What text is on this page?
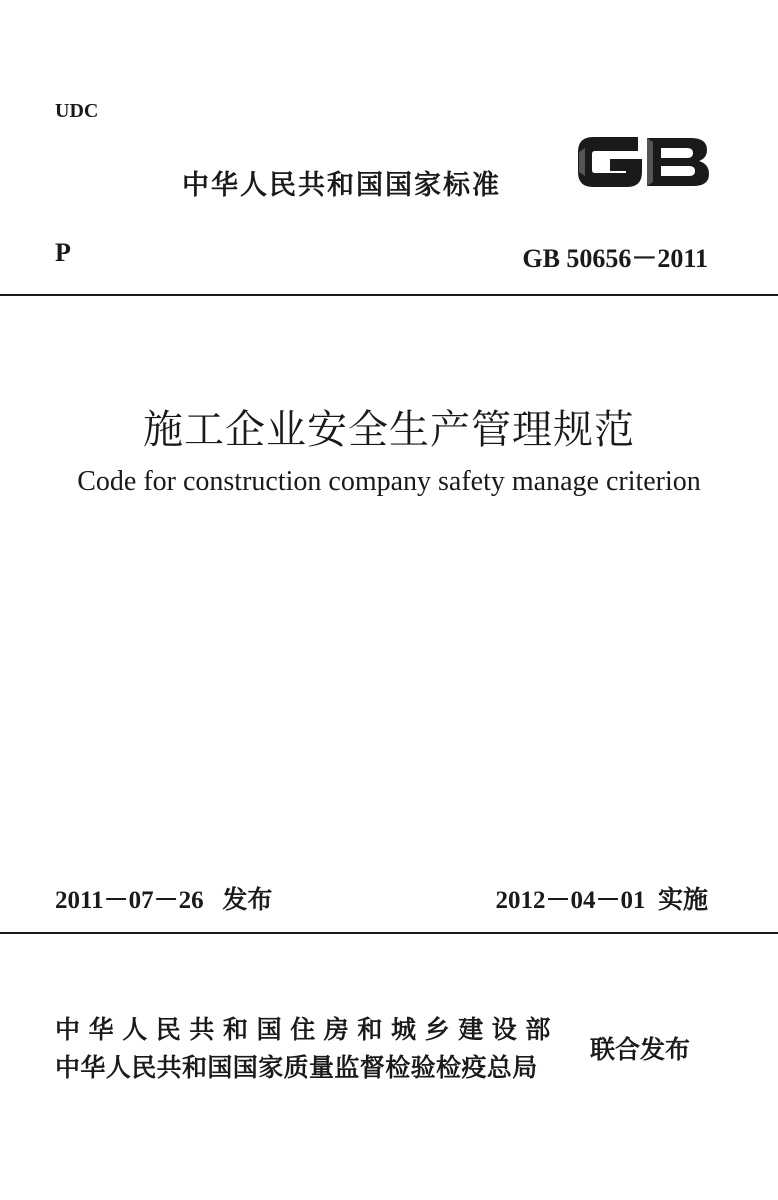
UDC
中华人民共和国国家标准
P	GB 50656－2011
施工企业安全生产管理规范
Code for construction company safety manage criterion
2011－07－26 发布	2012－04－01 实施
中华人民共和国住房和城乡建设部
中华人民共和国国家质量监督检验检疫总局
联合发布
